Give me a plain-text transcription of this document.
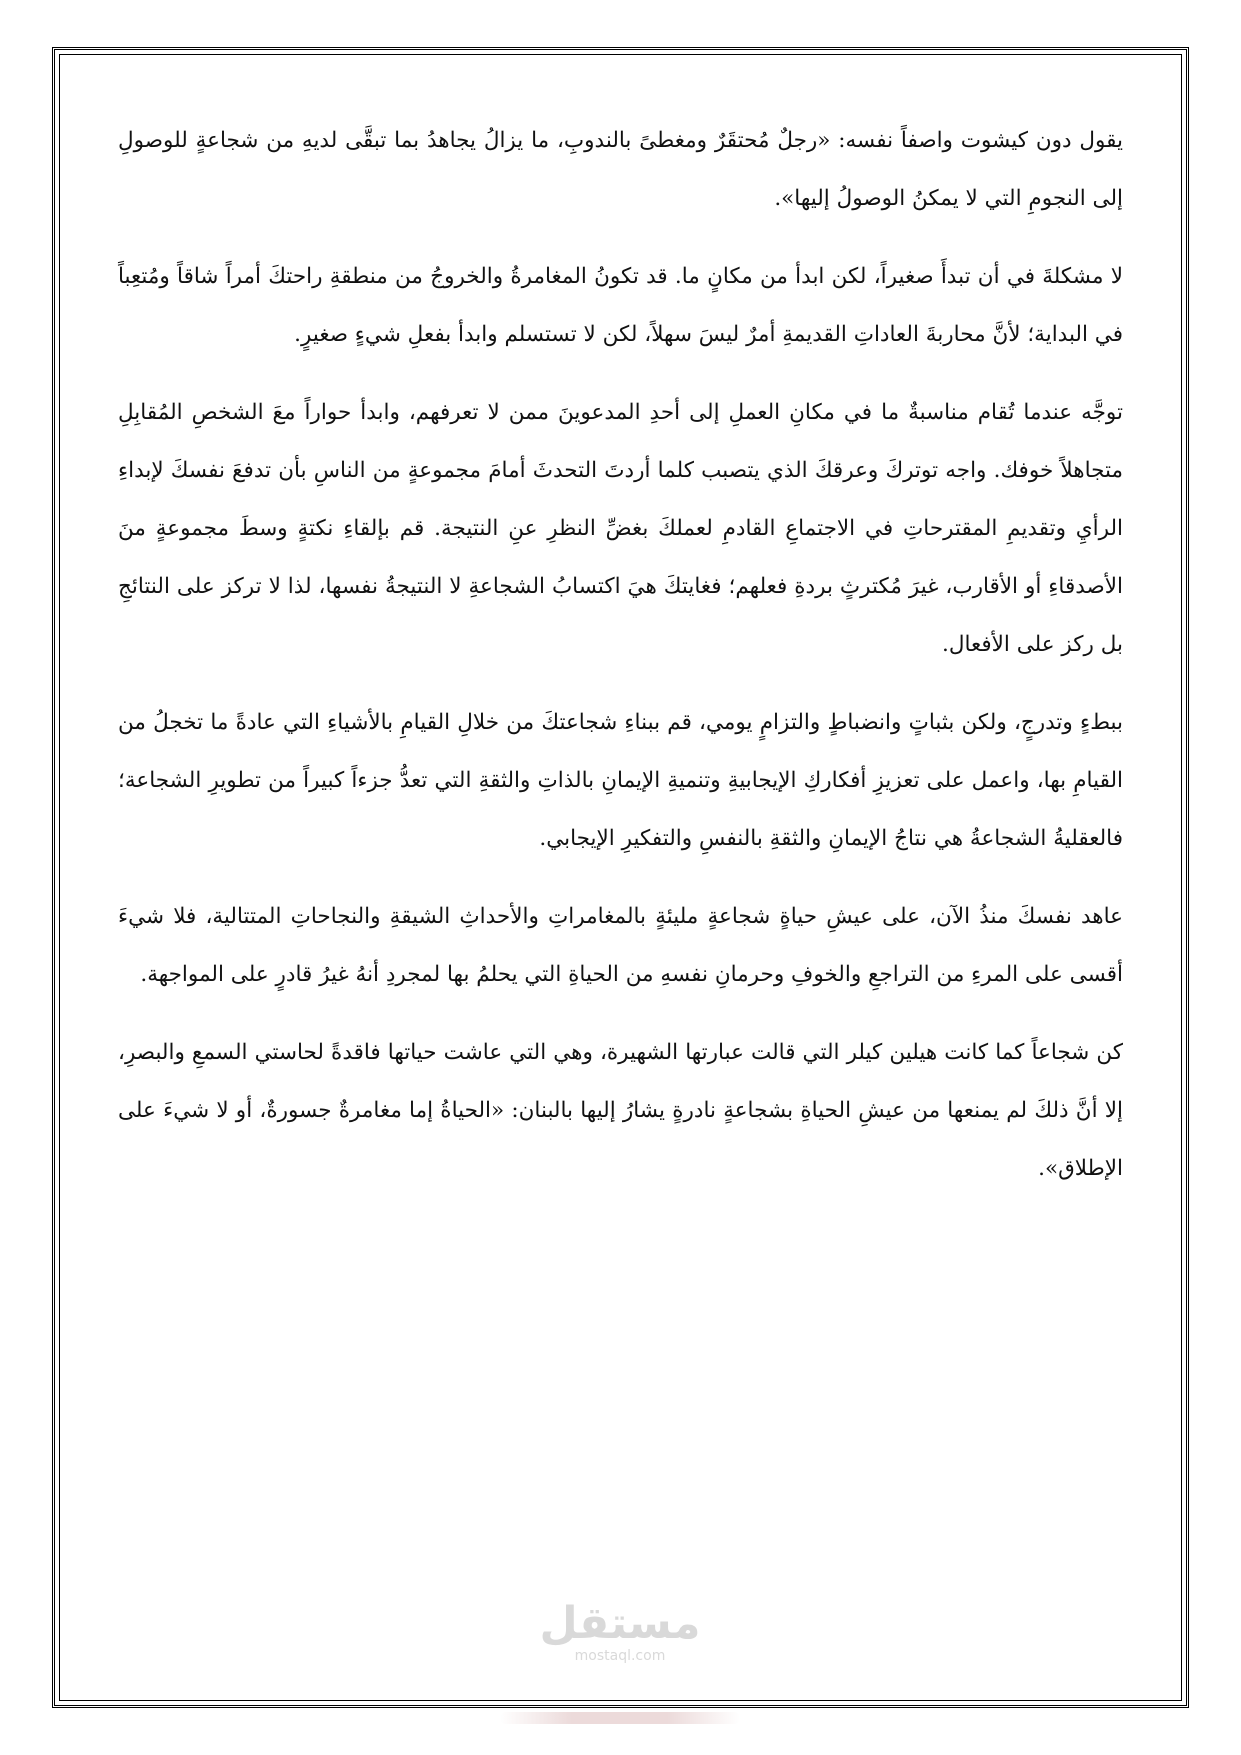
يقول دون كيشوت واصفاً نفسه: «رجلٌ مُحتقَرٌ ومغطىً بالندوبِ، ما يزالُ يجاهدُ بما تبقَّى لديهِ من شجاعةٍ للوصولِ إلى النجومِ التي لا يمكنُ الوصولُ إليها».

لا مشكلةَ في أن تبدأَ صغيراً، لكن ابدأ من مكانٍ ما. قد تكونُ المغامرةُ والخروجُ من منطقةِ راحتكَ أمراً شاقاً ومُتعِباً في البداية؛ لأنَّ محاربةَ العاداتِ القديمةِ أمرٌ ليسَ سهلاً، لكن لا تستسلم وابدأ بفعلِ شيءٍ صغيرٍ.

توجَّه عندما تُقام مناسبةٌ ما في مكانِ العملِ إلى أحدِ المدعوينَ ممن لا تعرفهم، وابدأ حواراً معَ الشخصِ المُقابِلِ متجاهلاً خوفك. واجه توتركَ وعرقكَ الذي يتصبب كلما أردتَ التحدثَ أمامَ مجموعةٍ من الناسِ بأن تدفعَ نفسكَ لإبداءِ الرأيِ وتقديمِ المقترحاتِ في الاجتماعِ القادمِ لعملكَ بغضِّ النظرِ عنِ النتيجة. قم بإلقاءِ نكتةٍ وسطَ مجموعةٍ منَ الأصدقاءِ أو الأقارب، غيرَ مُكترثٍ بردةِ فعلهم؛ فغايتكَ هيَ اكتسابُ الشجاعةِ لا النتيجةُ نفسها، لذا لا تركز على النتائجِ بل ركز على الأفعال.

ببطءٍ وتدرجٍ، ولكن بثباتٍ وانضباطٍ والتزامٍ يومي، قم ببناءِ شجاعتكَ من خلالِ القيامِ بالأشياءِ التي عادةً ما تخجلُ من القيامِ بها، واعمل على تعزيزِ أفكاركِ الإيجابيةِ وتنميةِ الإيمانِ بالذاتِ والثقةِ التي تعدُّ جزءاً كبيراً من تطويرِ الشجاعة؛ فالعقليةُ الشجاعةُ هي نتاجُ الإيمانِ والثقةِ بالنفسِ والتفكيرِ الإيجابي.

عاهد نفسكَ منذُ الآن، على عيشِ حياةٍ شجاعةٍ مليئةٍ بالمغامراتِ والأحداثِ الشيقةِ والنجاحاتِ المتتالية، فلا شيءَ أقسى على المرءِ من التراجعِ والخوفِ وحرمانِ نفسهِ من الحياةِ التي يحلمُ بها لمجردِ أنهُ غيرُ قادرٍ على المواجهة.

كن شجاعاً كما كانت هيلين كيلر التي قالت عبارتها الشهيرة، وهي التي عاشت حياتها فاقدةً لحاستي السمعِ والبصرِ، إلا أنَّ ذلكَ لم يمنعها من عيشِ الحياةِ بشجاعةٍ نادرةٍ يشارُ إليها بالبنان: «الحياةُ إما مغامرةٌ جسورةٌ، أو لا شيءَ على الإطلاق».

مستقل
mostaql.com
